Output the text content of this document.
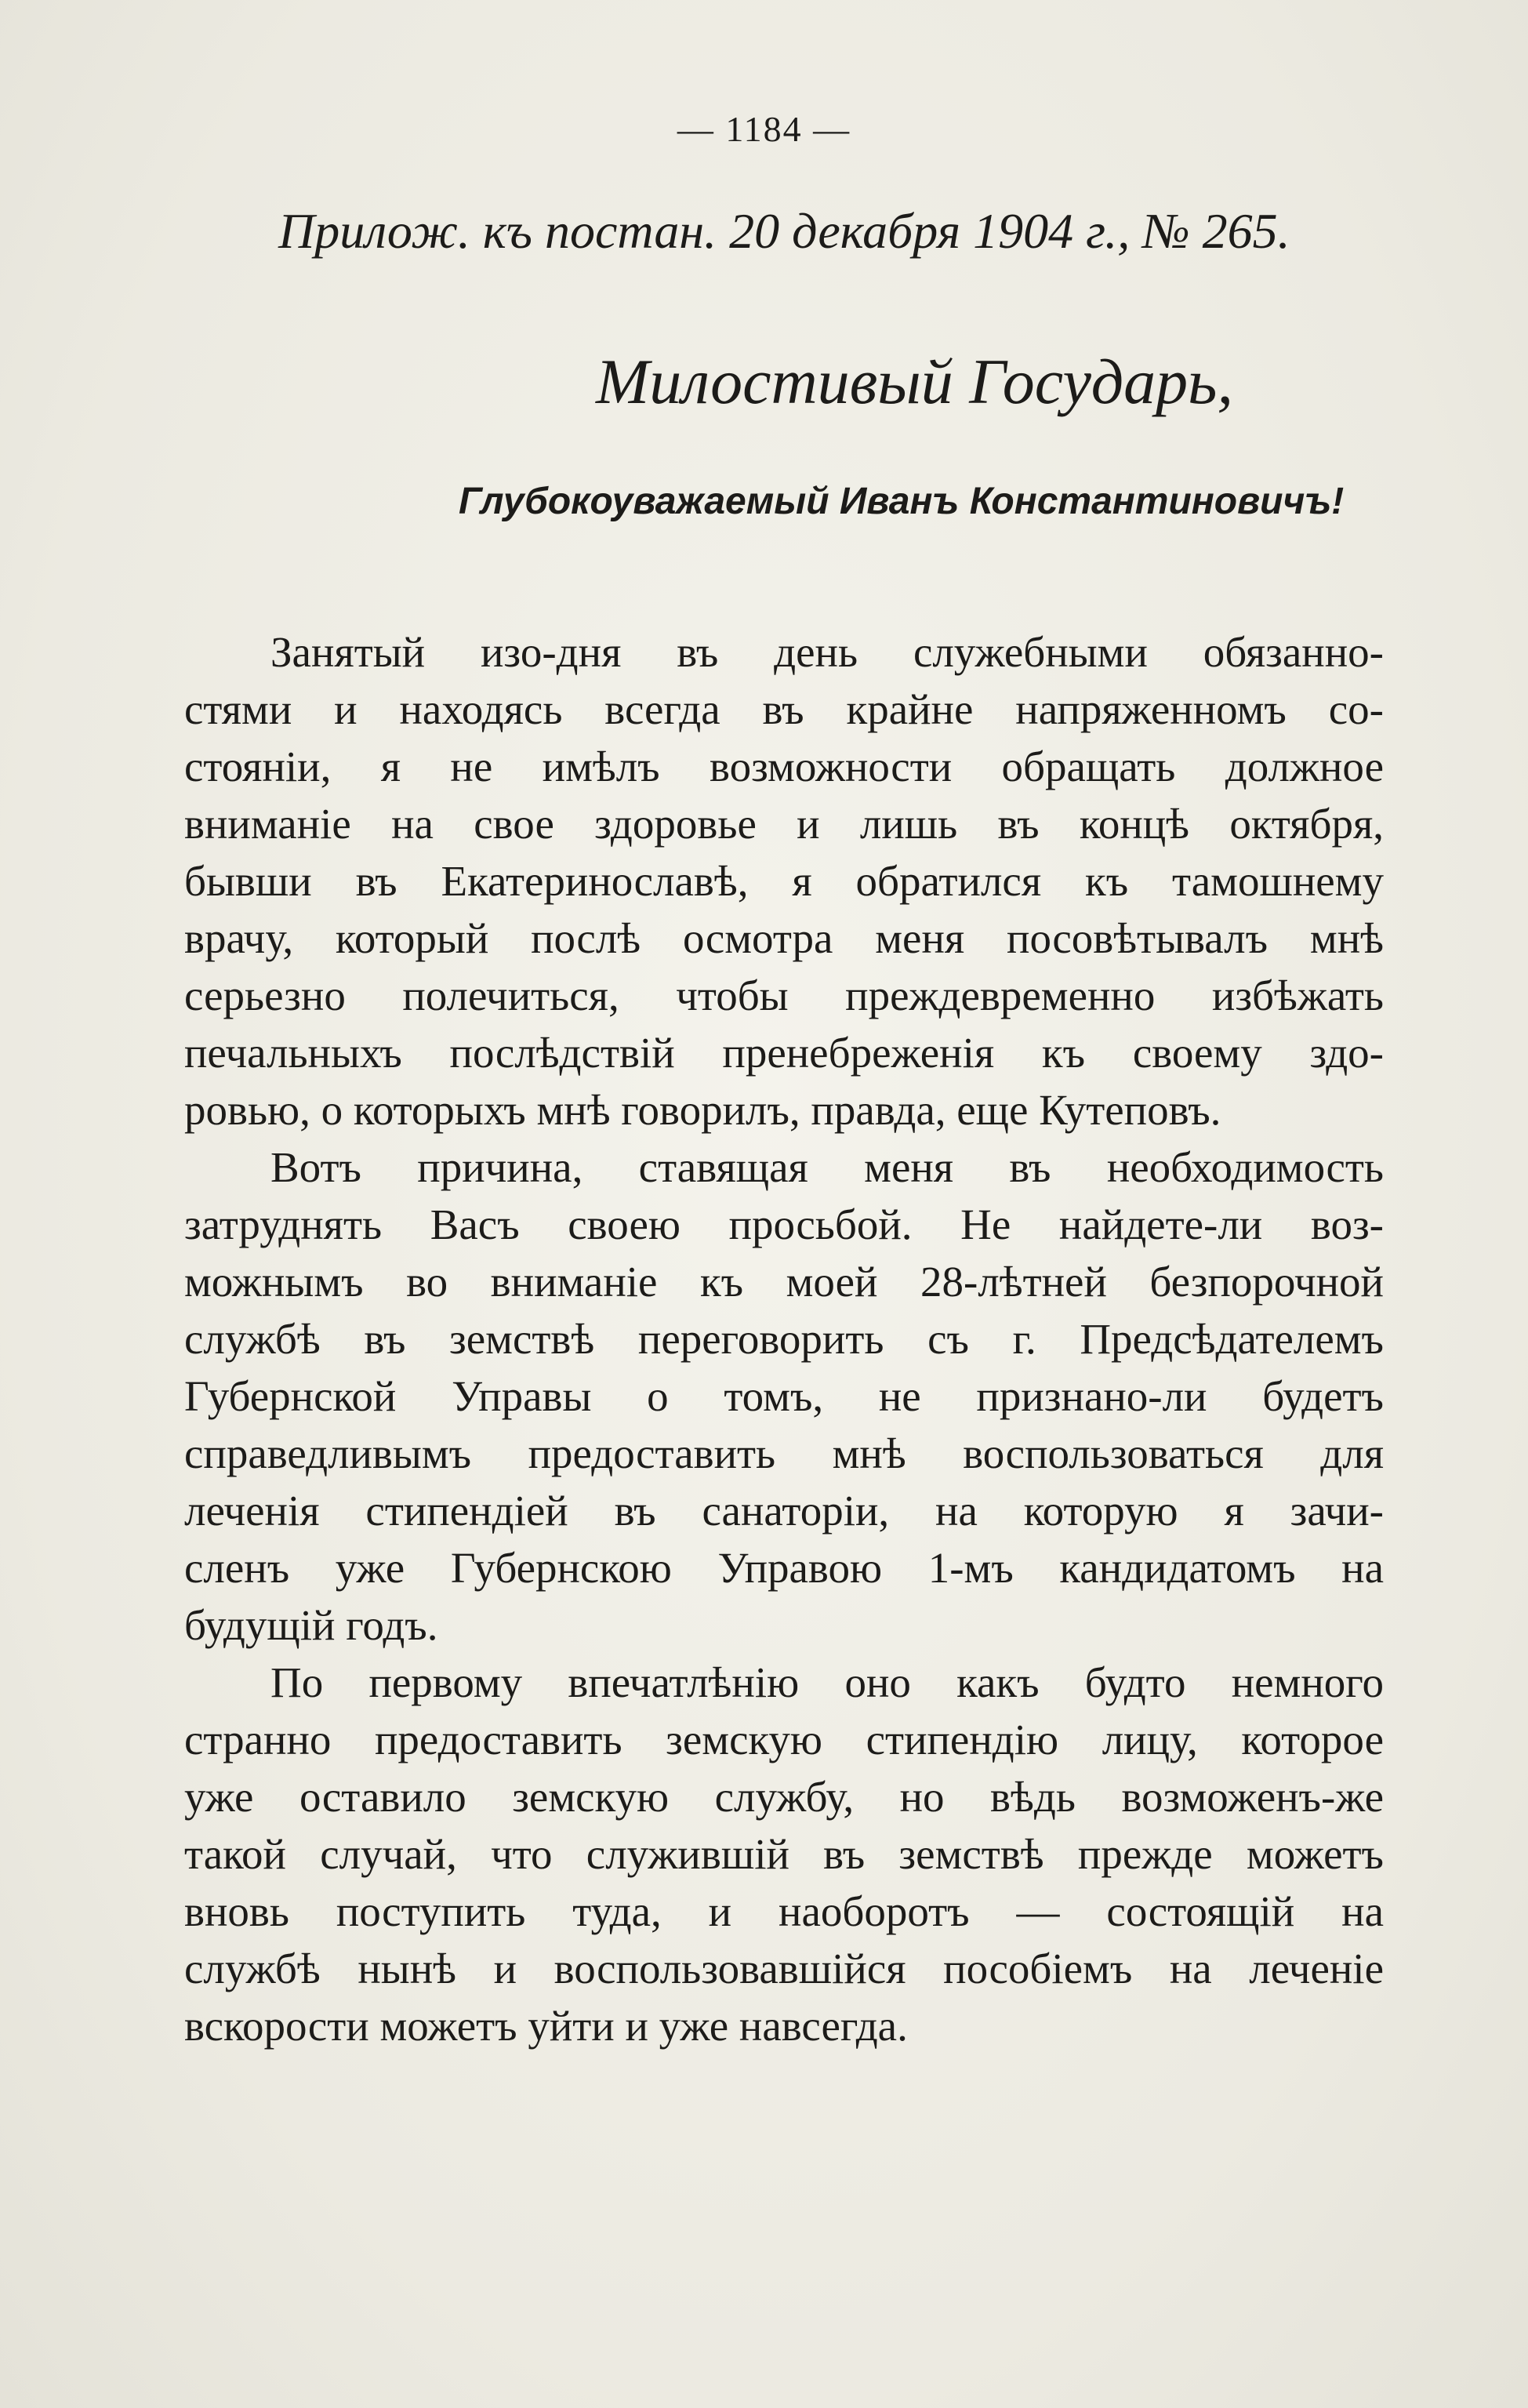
— 1184 —
Прилож. къ постан. 20 декабря 1904 г., № 265.
Милостивый Государь,
Глубокоуважаемый Иванъ Константиновичъ!
Занятый изо-дня въ день служебными обязанно-
стями и находясь всегда въ крайне напряженномъ со-
стояніи, я не имѣлъ возможности обращать должное
вниманіе на свое здоровье и лишь въ концѣ октября,
бывши въ Екатеринославѣ, я обратился къ тамошнему
врачу, который послѣ осмотра меня посовѣтывалъ мнѣ
серьезно полечиться, чтобы преждевременно избѣжать
печальныхъ послѣдствій пренебреженія къ своему здо-
ровью, о которыхъ мнѣ говорилъ, правда, еще Кутеповъ.
Вотъ причина, ставящая меня въ необходимость
затруднять Васъ своею просьбой. Не найдете-ли воз-
можнымъ во вниманіе къ моей 28-лѣтней безпорочной
службѣ въ земствѣ переговорить съ г. Предсѣдателемъ
Губернской Управы о томъ, не признано-ли будетъ
справедливымъ предоставить мнѣ воспользоваться для
леченія стипендіей въ санаторіи, на которую я зачи-
сленъ уже Губернскою Управою 1-мъ кандидатомъ на
будущій годъ.
По первому впечатлѣнію оно какъ будто немного
странно предоставить земскую стипендію лицу, которое
уже оставило земскую службу, но вѣдь возможенъ-же
такой случай, что служившій въ земствѣ прежде можетъ
вновь поступить туда, и наоборотъ — состоящій на
службѣ нынѣ и воспользовавшійся пособіемъ на леченіе
вскорости можетъ уйти и уже навсегда.
